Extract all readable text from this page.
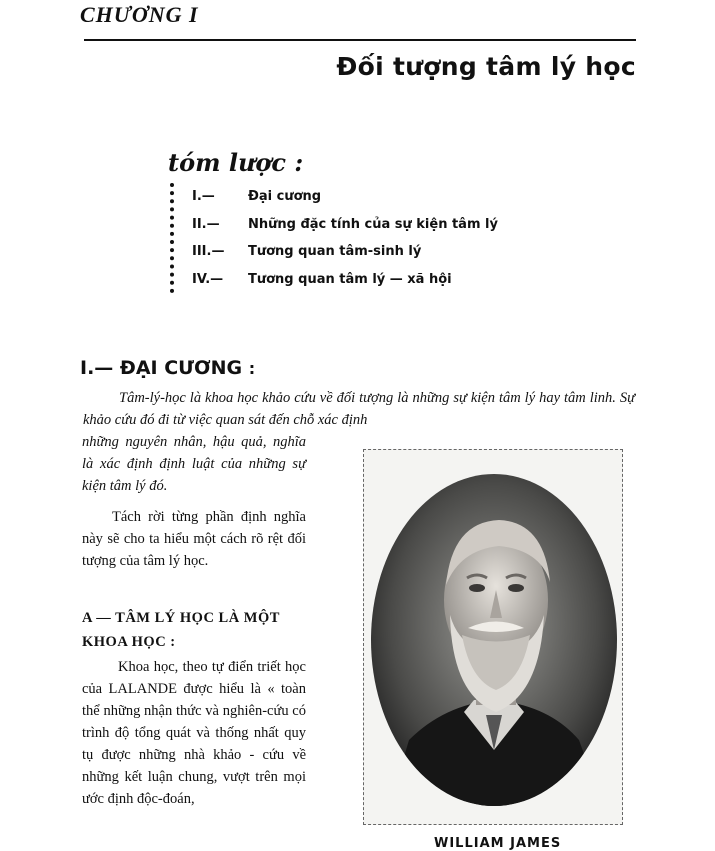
CHƯƠNG I
Đối tượng tâm lý học
tóm lược :
I.—	Đại cương
II.—	Những đặc tính của sự kiện tâm lý
III.—	Tương quan tâm-sinh lý
IV.—	Tương quan tâm lý — xã hội
I.— ĐẠI CƯƠNG :
Tâm-lý-học là khoa học khảo cứu về đối tượng là những sự kiện tâm lý hay tâm linh. Sự khảo cứu đó đi từ việc quan sát đến chỗ xác định
những nguyên nhân, hậu quả, nghĩa là xác định định luật của những sự kiện tâm lý đó.
Tách rời từng phần định nghĩa này sẽ cho ta hiểu một cách rõ rệt đối tượng của tâm lý học.
A — TÂM LÝ HỌC LÀ MỘT KHOA HỌC :
Khoa học, theo tự điển triết học của LALANDE được hiểu là « toàn thể những nhận thức và nghiên-cứu có trình độ tổng quát và thống nhất quy tụ được những nhà khảo - cứu về những kết luận chung, vượt trên mọi ước định độc-đoán,
WILLIAM JAMES
